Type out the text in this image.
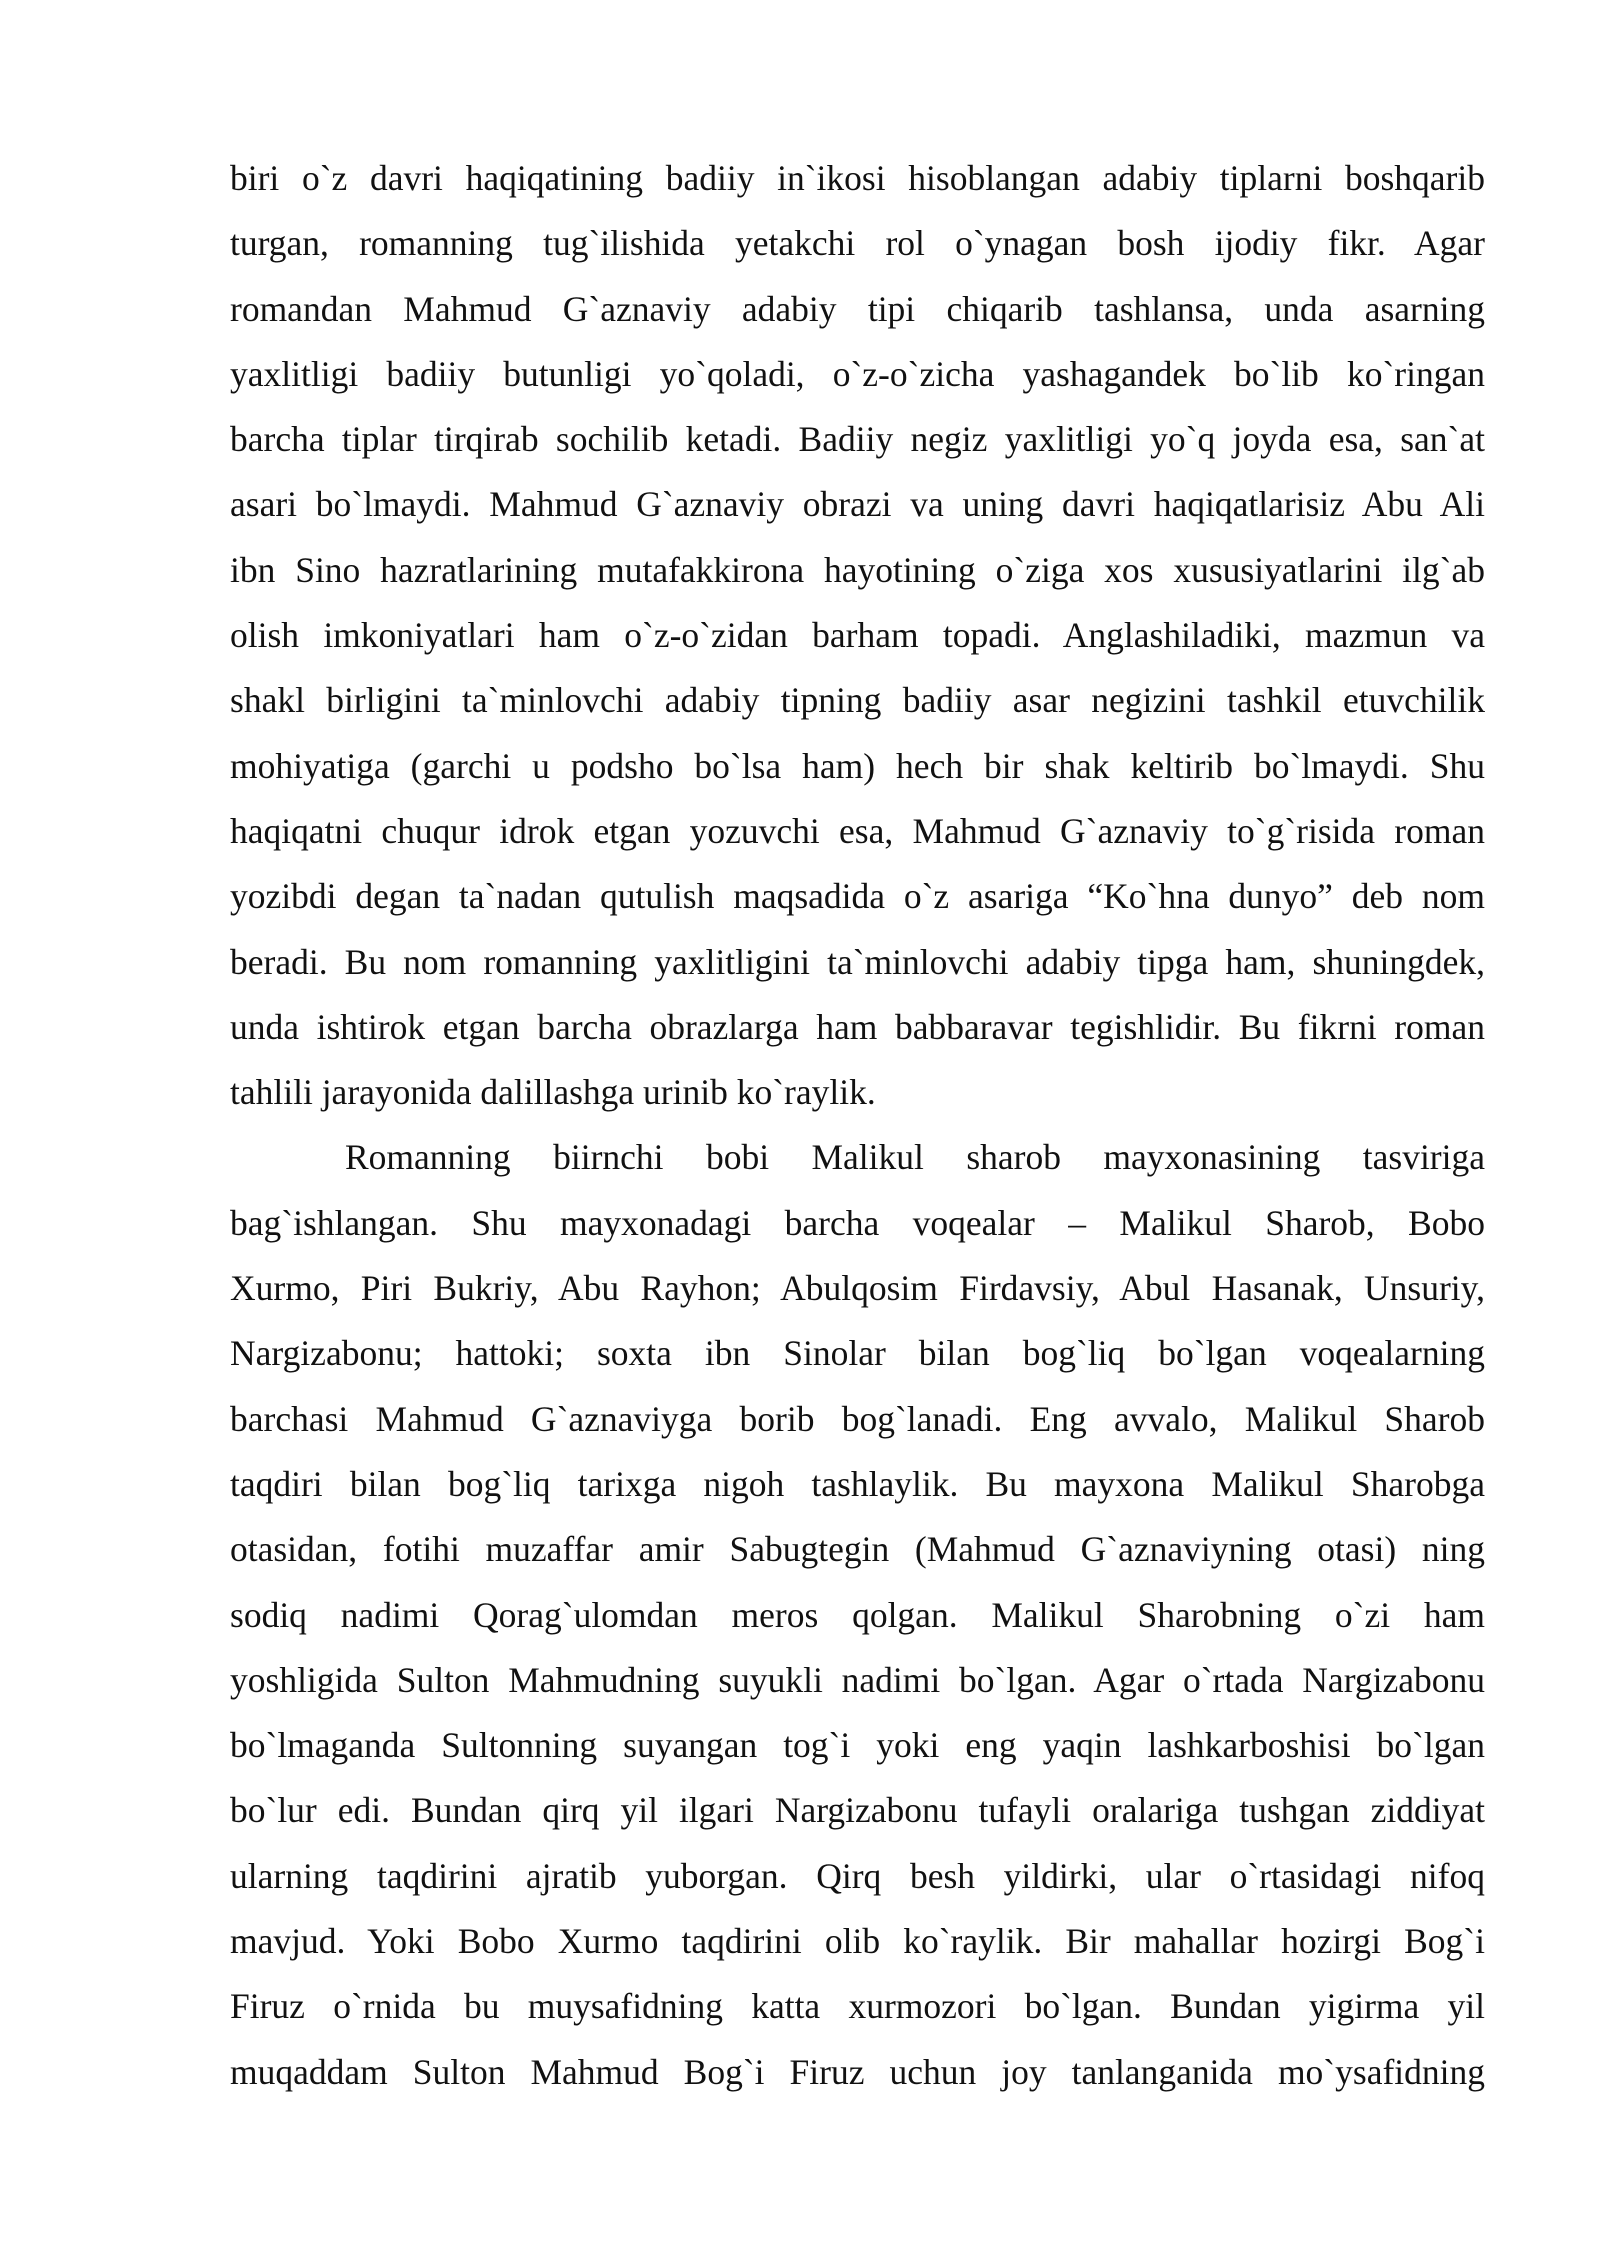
biri o`z davri haqiqatining badiiy in`ikosi hisoblangan adabiy tiplarni boshqarib
turgan, romanning tug`ilishida yetakchi rol o`ynagan bosh ijodiy fikr. Agar
romandan Mahmud G`aznaviy adabiy tipi chiqarib tashlansa, unda asarning
yaxlitligi badiiy butunligi yo`qoladi, o`z-o`zicha yashagandek bo`lib ko`ringan
barcha tiplar tirqirab sochilib ketadi. Badiiy negiz yaxlitligi yo`q joyda esa, san`at
asari bo`lmaydi. Mahmud G`aznaviy obrazi va uning davri haqiqatlarisiz Abu Ali
ibn Sino hazratlarining mutafakkirona hayotining o`ziga xos xususiyatlarini ilg`ab
olish imkoniyatlari ham o`z-o`zidan barham topadi. Anglashiladiki, mazmun va
shakl birligini ta`minlovchi adabiy tipning badiiy asar negizini tashkil etuvchilik
mohiyatiga (garchi u podsho bo`lsa ham) hech bir shak keltirib bo`lmaydi. Shu
haqiqatni chuqur idrok etgan yozuvchi esa, Mahmud G`aznaviy to`g`risida roman
yozibdi degan ta`nadan qutulish maqsadida o`z asariga “Ko`hna dunyo” deb nom
beradi. Bu nom romanning yaxlitligini ta`minlovchi adabiy tipga ham, shuningdek,
unda ishtirok etgan barcha obrazlarga ham babbaravar tegishlidir. Bu fikrni roman
tahlili jarayonida dalillashga urinib ko`raylik.
Romanning biirnchi bobi Malikul sharob mayxonasining tasviriga
bag`ishlangan. Shu mayxonadagi barcha voqealar – Malikul Sharob, Bobo
Xurmo, Piri Bukriy, Abu Rayhon; Abulqosim Firdavsiy, Abul Hasanak, Unsuriy,
Nargizabonu; hattoki; soxta ibn Sinolar bilan bog`liq bo`lgan voqealarning
barchasi Mahmud G`aznaviyga borib bog`lanadi. Eng avvalo, Malikul Sharob
taqdiri bilan bog`liq tarixga nigoh tashlaylik. Bu mayxona Malikul Sharobga
otasidan, fotihi muzaffar amir Sabugtegin (Mahmud G`aznaviyning otasi) ning
sodiq nadimi Qorag`ulomdan meros qolgan. Malikul Sharobning o`zi ham
yoshligida Sulton Mahmudning suyukli nadimi bo`lgan. Agar o`rtada Nargizabonu
bo`lmaganda Sultonning suyangan tog`i yoki eng yaqin lashkarboshisi bo`lgan
bo`lur edi. Bundan qirq yil ilgari Nargizabonu tufayli oralariga tushgan ziddiyat
ularning taqdirini ajratib yuborgan. Qirq besh yildirki, ular o`rtasidagi nifoq
mavjud. Yoki Bobo Xurmo taqdirini olib ko`raylik. Bir mahallar hozirgi Bog`i
Firuz o`rnida bu muysafidning katta xurmozori bo`lgan. Bundan yigirma yil
muqaddam Sulton Mahmud Bog`i Firuz uchun joy tanlanganida mo`ysafidning
